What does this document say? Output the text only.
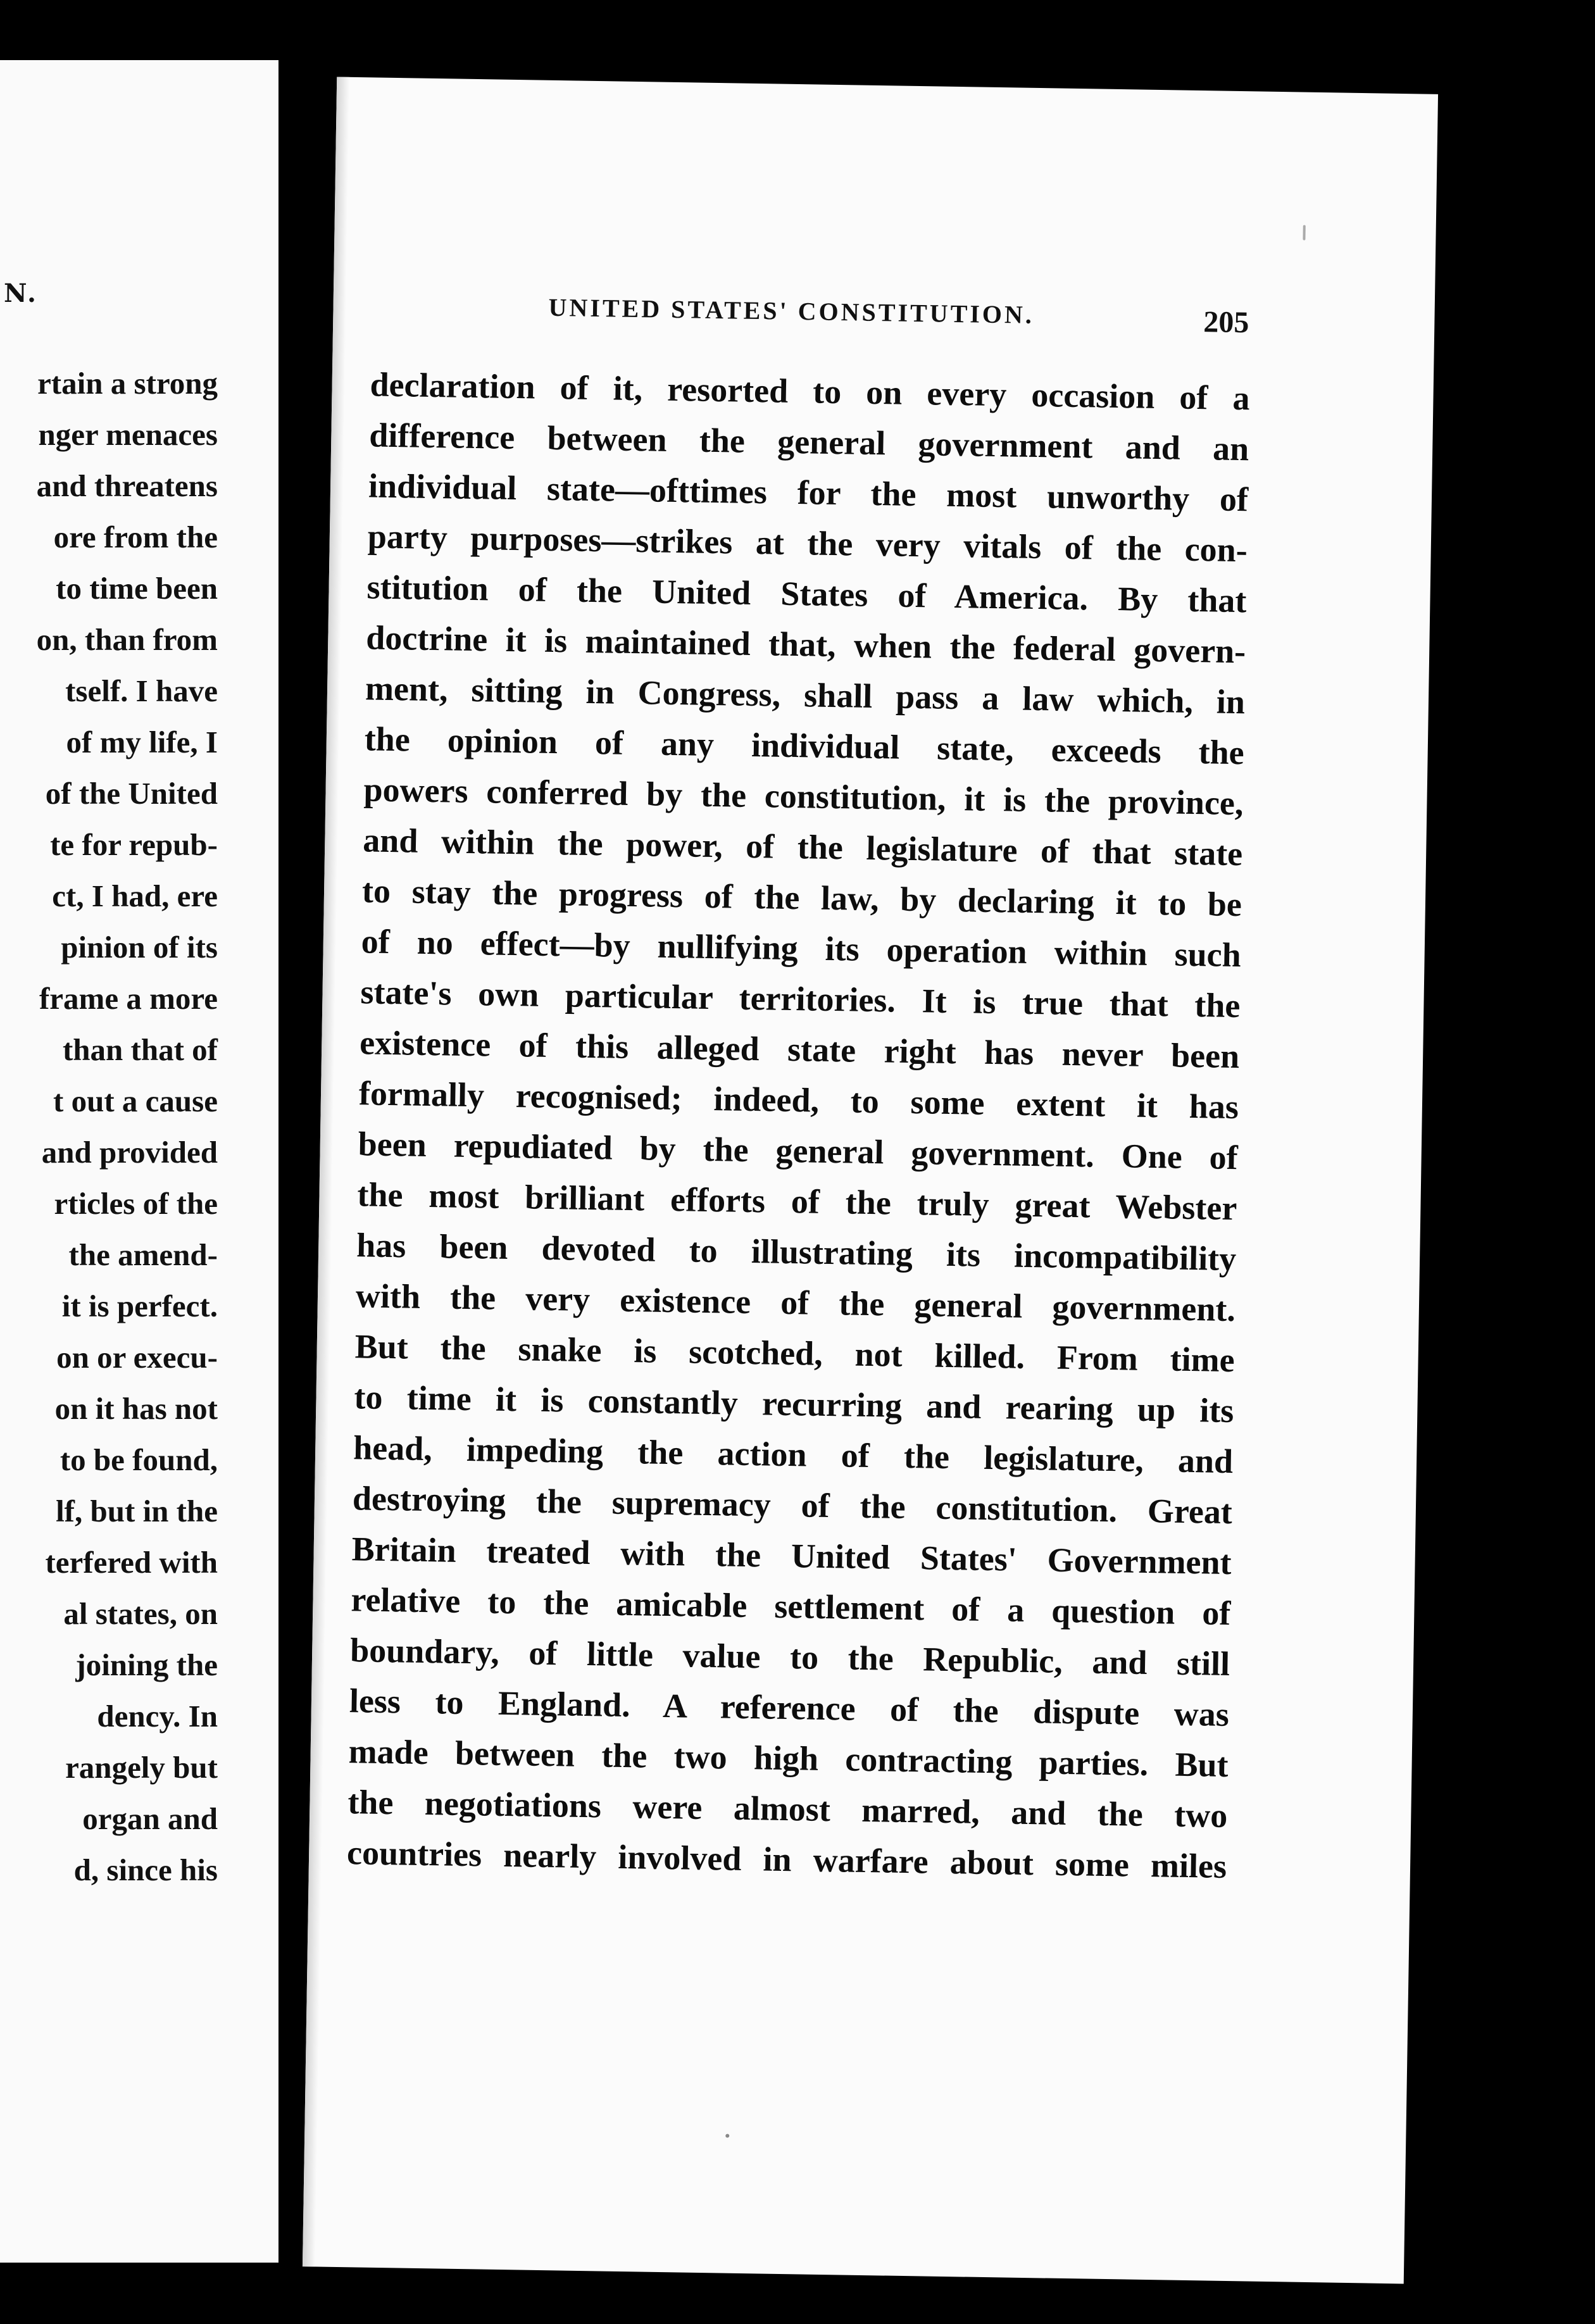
N.
rtain a strong
nger menaces
and threatens
ore from the
to time been
on, than from
tself. I have
of my life, I
of the United
te for repub-
ct, I had, ere
pinion of its
frame a more
than that of
t out a cause
and provided
rticles of the
the amend-
it is perfect.
on or execu-
on it has not
to be found,
lf, but in the
terfered with
al states, on
joining the
dency. In
rangely but
organ and
d, since his
UNITED STATES' CONSTITUTION.	205
declaration of it, resorted to on every occasion of a
difference between the general government and an
individual state—ofttimes for the most unworthy of
party purposes—strikes at the very vitals of the con-
stitution of the United States of America. By that
doctrine it is maintained that, when the federal govern-
ment, sitting in Congress, shall pass a law which, in
the opinion of any individual state, exceeds the
powers conferred by the constitution, it is the province,
and within the power, of the legislature of that state
to stay the progress of the law, by declaring it to be
of no effect—by nullifying its operation within such
state's own particular territories. It is true that the
existence of this alleged state right has never been
formally recognised; indeed, to some extent it has
been repudiated by the general government. One of
the most brilliant efforts of the truly great Webster
has been devoted to illustrating its incompatibility
with the very existence of the general government.
But the snake is scotched, not killed. From time
to time it is constantly recurring and rearing up its
head, impeding the action of the legislature, and
destroying the supremacy of the constitution. Great
Britain treated with the United States' Government
relative to the amicable settlement of a question of
boundary, of little value to the Republic, and still
less to England. A reference of the dispute was
made between the two high contracting parties. But
the negotiations were almost marred, and the two
countries nearly involved in warfare about some miles
